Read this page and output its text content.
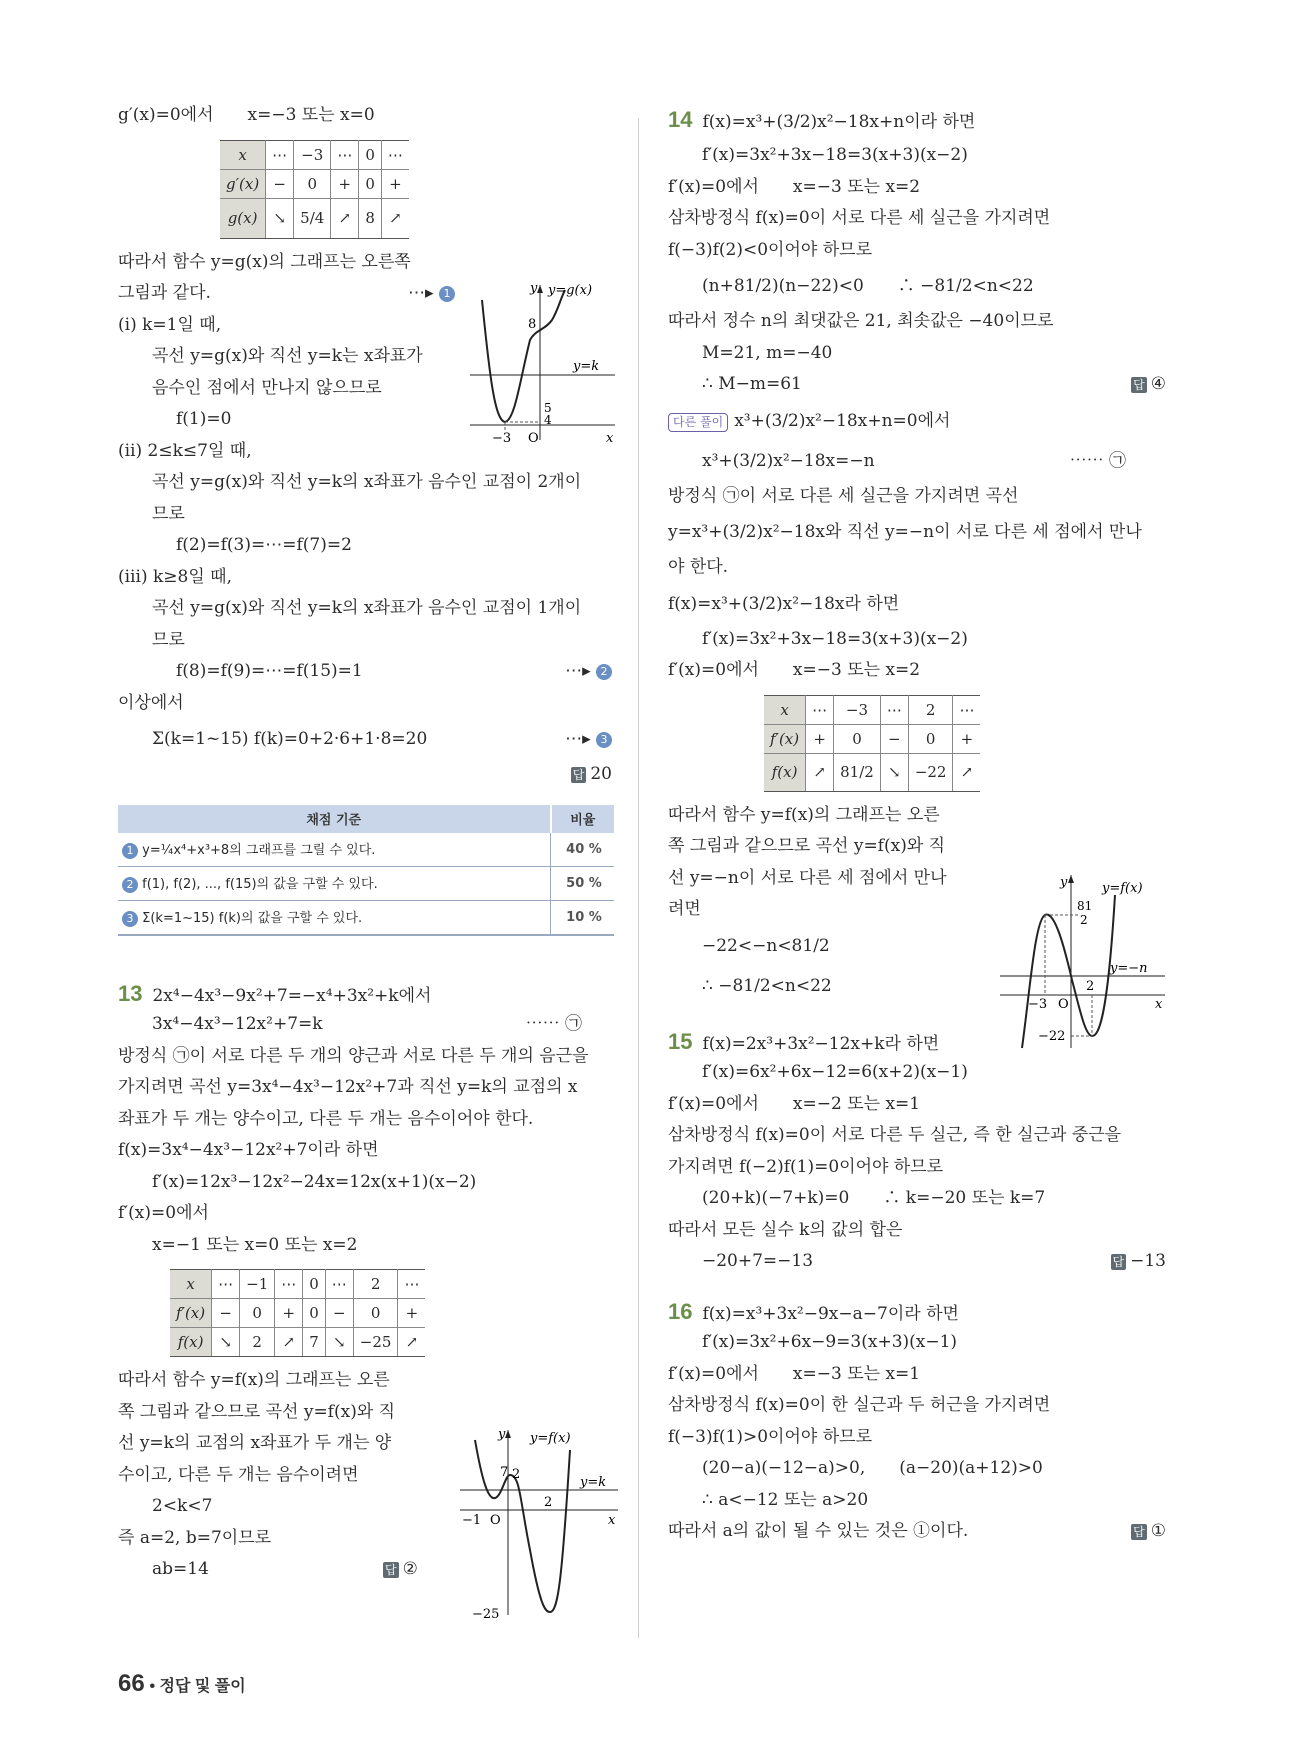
g′(x)=0에서　　x=−3 또는 x=0
x	⋯	−3	⋯	0	⋯
g′(x)	−	0	+	0	+
g(x)	↘	5/4	↗	8	↗
따라서 함수 y=g(x)의 그래프는 오른쪽
그림과 같다.	⋯▸ 1
(ⅰ) k=1일 때,
곡선 y=g(x)와 직선 y=k는 x좌표가
음수인 점에서 만나지 않으므로
f(1)=0
(ⅱ) 2≤k≤7일 때,
곡선 y=g(x)와 직선 y=k의 x좌표가 음수인 교점이 2개이
므로
f(2)=f(3)=⋯=f(7)=2
(ⅲ) k≥8일 때,
곡선 y=g(x)와 직선 y=k의 x좌표가 음수인 교점이 1개이
므로
f(8)=f(9)=⋯=f(15)=1	⋯▸ 2
이상에서
Σ(k=1~15) f(k)=0+2·6+1·8=20	⋯▸ 3
답 20
채점 기준	비율
1 y=¼x⁴+x³+8의 그래프를 그릴 수 있다.	40 %
2 f(1), f(2), ..., f(15)의 값을 구할 수 있다.	50 %
3 Σ(k=1~15) f(k)의 값을 구할 수 있다.	10 %
13 2x⁴−4x³−9x²+7=−x⁴+3x²+k에서
3x⁴−4x³−12x²+7=k	⋯⋯ ㉠
방정식 ㉠이 서로 다른 두 개의 양근과 서로 다른 두 개의 음근을
가지려면 곡선 y=3x⁴−4x³−12x²+7과 직선 y=k의 교점의 x
좌표가 두 개는 양수이고, 다른 두 개는 음수이어야 한다.
f(x)=3x⁴−4x³−12x²+7이라 하면
f′(x)=12x³−12x²−24x=12x(x+1)(x−2)
f′(x)=0에서
x=−1 또는 x=0 또는 x=2
x	⋯	−1	⋯	0	⋯	2	⋯
f′(x)	−	0	+	0	−	0	+
f(x)	↘	2	↗	7	↘	−25	↗
따라서 함수 y=f(x)의 그래프는 오른
쪽 그림과 같으므로 곡선 y=f(x)와 직
선 y=k의 교점의 x좌표가 두 개는 양
수이고, 다른 두 개는 음수이려면
2<k<7
즉 a=2, b=7이므로
ab=14	답 ②
y y=g(x)
8
y=k
5
4
−3 O	x
y y=f(x)
7 2
y=k
2
−1 O	x
−25
14 f(x)=x³+(3/2)x²−18x+n이라 하면
f′(x)=3x²+3x−18=3(x+3)(x−2)
f′(x)=0에서　　x=−3 또는 x=2
삼차방정식 f(x)=0이 서로 다른 세 실근을 가지려면
f(−3)f(2)<0이어야 하므로
(n+81/2)(n−22)<0　　∴ −81/2<n<22
따라서 정수 n의 최댓값은 21, 최솟값은 −40이므로
M=21, m=−40
∴ M−m=61	답 ④
다른 풀이 x³+(3/2)x²−18x+n=0에서
x³+(3/2)x²−18x=−n	⋯⋯ ㉠
방정식 ㉠이 서로 다른 세 실근을 가지려면 곡선
y=x³+(3/2)x²−18x와 직선 y=−n이 서로 다른 세 점에서 만나
야 한다.
f(x)=x³+(3/2)x²−18x라 하면
f′(x)=3x²+3x−18=3(x+3)(x−2)
f′(x)=0에서　　x=−3 또는 x=2
x	⋯	−3	⋯	2	⋯
f′(x)	+	0	−	0	+
f(x)	↗	81/2	↘	−22	↗
따라서 함수 y=f(x)의 그래프는 오른
쪽 그림과 같으므로 곡선 y=f(x)와 직
선 y=−n이 서로 다른 세 점에서 만나
려면
−22<−n<81/2
∴ −81/2<n<22
15 f(x)=2x³+3x²−12x+k라 하면
f′(x)=6x²+6x−12=6(x+2)(x−1)
f′(x)=0에서　　x=−2 또는 x=1
삼차방정식 f(x)=0이 서로 다른 두 실근, 즉 한 실근과 중근을
가지려면 f(−2)f(1)=0이어야 하므로
(20+k)(−7+k)=0　　∴ k=−20 또는 k=7
따라서 모든 실수 k의 값의 합은
−20+7=−13	답 −13
16 f(x)=x³+3x²−9x−a−7이라 하면
f′(x)=3x²+6x−9=3(x+3)(x−1)
f′(x)=0에서　　x=−3 또는 x=1
삼차방정식 f(x)=0이 한 실근과 두 허근을 가지려면
f(−3)f(1)>0이어야 하므로
(20−a)(−12−a)>0,　　(a−20)(a+12)>0
∴ a<−12 또는 a>20
따라서 a의 값이 될 수 있는 것은 ①이다.	답 ①
y	y=f(x)
81
2
y=−n
2
−3 O	x
−22
66 • 정답 및 풀이
